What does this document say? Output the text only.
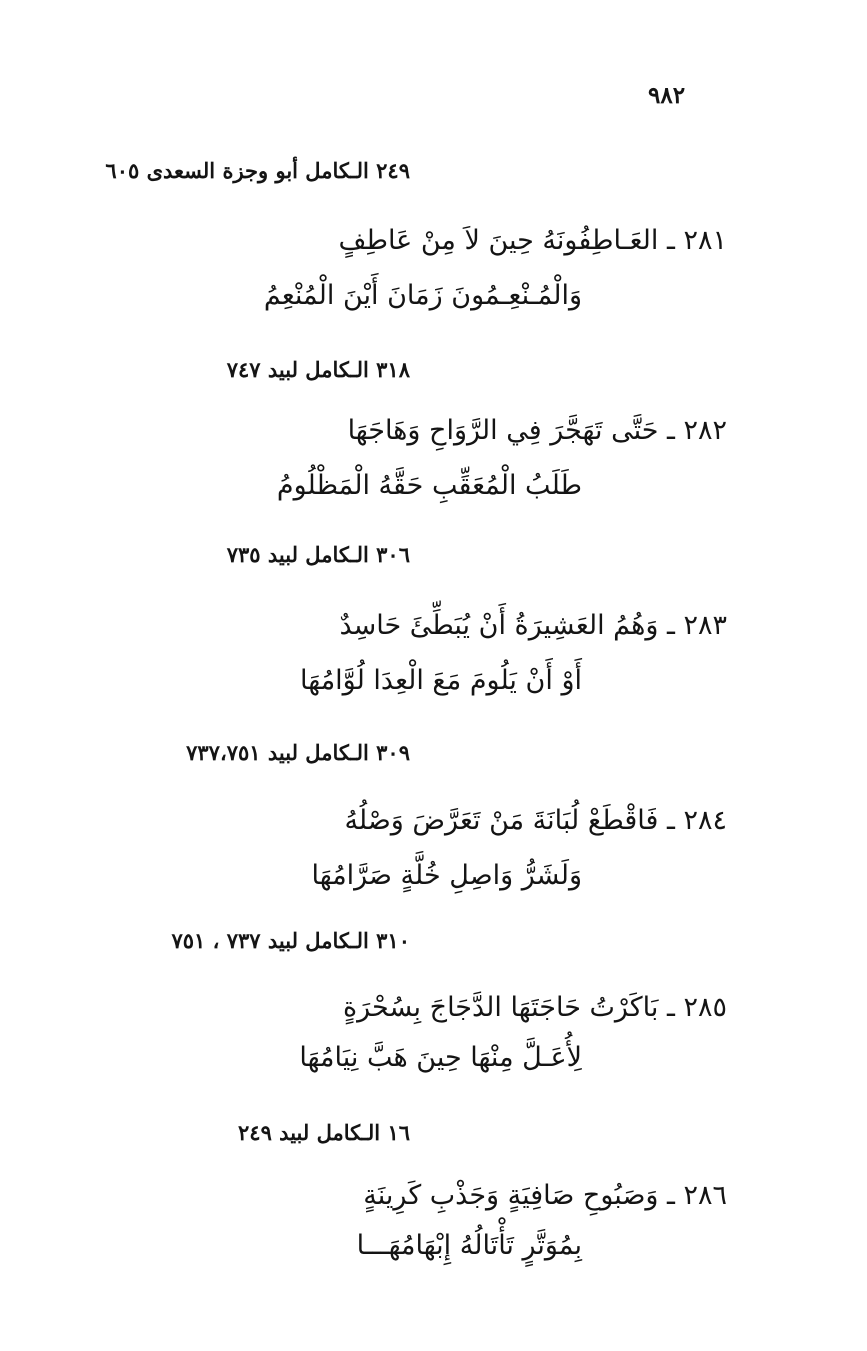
٩٨٢
٢٤٩ الـكامل أبو وجزة السعدى ٦٠٥
٢٨١ ـ العَـاطِفُونَهُ حِينَ لاَ مِنْ عَاطِفٍ
وَالْمُـنْعِـمُونَ زَمَانَ أَيْنَ الْمُنْعِمُ
٣١٨ الـكامل لبيد ٧٤٧
٢٨٢ ـ حَتَّى تَهَجَّرَ فِي الرَّوَاحِ وَهَاجَهَا
طَلَبُ الْمُعَقِّبِ حَقَّهُ الْمَظْلُومُ
٣٠٦ الـكامل لبيد ٧٣٥
٢٨٣ ـ وَهُمُ العَشِيرَةُ أَنْ يُبَطِّئَ حَاسِدٌ
أَوْ أَنْ يَلُومَ مَعَ الْعِدَا لُوَّامُهَا
٣٠٩ الـكامل لبيد ٧٣٧،٧٥١
٢٨٤ ـ فَاقْطَعْ لُبَانَةَ مَنْ تَعَرَّضَ وَصْلُهُ
وَلَشَرُّ وَاصِلِ خُلَّةٍ صَرَّامُهَا
٣١٠ الـكامل لبيد ٧٣٧ ، ٧٥١
٢٨٥ ـ بَاكَرْتُ حَاجَتَهَا الدَّجَاجَ بِسُحْرَةٍ
لِأُعَـلَّ مِنْهَا حِينَ هَبَّ نِيَامُهَا
١٦ الـكامل لبيد ٢٤٩
٢٨٦ ـ وَصَبُوحِ صَافِيَةٍ وَجَذْبِ كَرِينَةٍ
بِمُوَتَّرٍ تَأْتَالُهُ إِبْهَامُهَـــا
